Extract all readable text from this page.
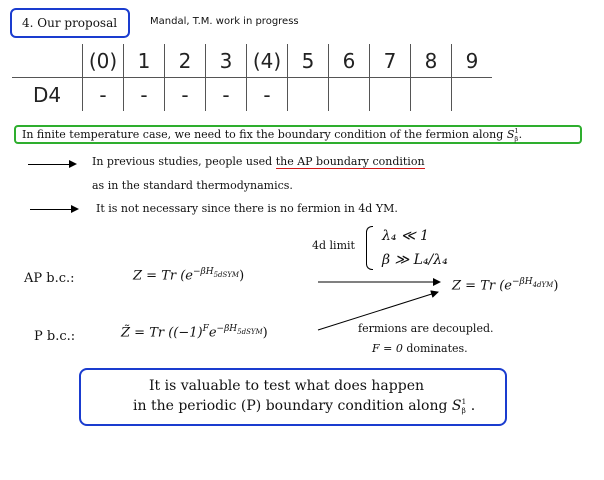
4. Our proposal	Mandal, T.M. work in progress
	(0)	1	2	3	(4)	5	6	7	8	9
D4	-	-	-	-	-					
In finite temperature case, we need to fix the boundary condition of the fermion along S 1
β .
In previous studies, people used the AP boundary condition
as in the standard thermodynamics.
It is not necessary since there is no fermion in 4d YM.
4d limit
λ₄ ≪ 1
β ≫ L₄/λ₄
AP b.c.:	Z = Tr $(e^{-\beta H_{5dSYM}})$
Z = Tr $(e^{-\beta H_{4dYM}})$
P b.c.:	Z̃ = Tr $((-1)^Fe^{-\beta H_{5dSYM}})$	fermions are decoupled.
F = 0 dominates.
It is valuable to test what does happen
in the periodic (P) boundary condition along S 1
β .
